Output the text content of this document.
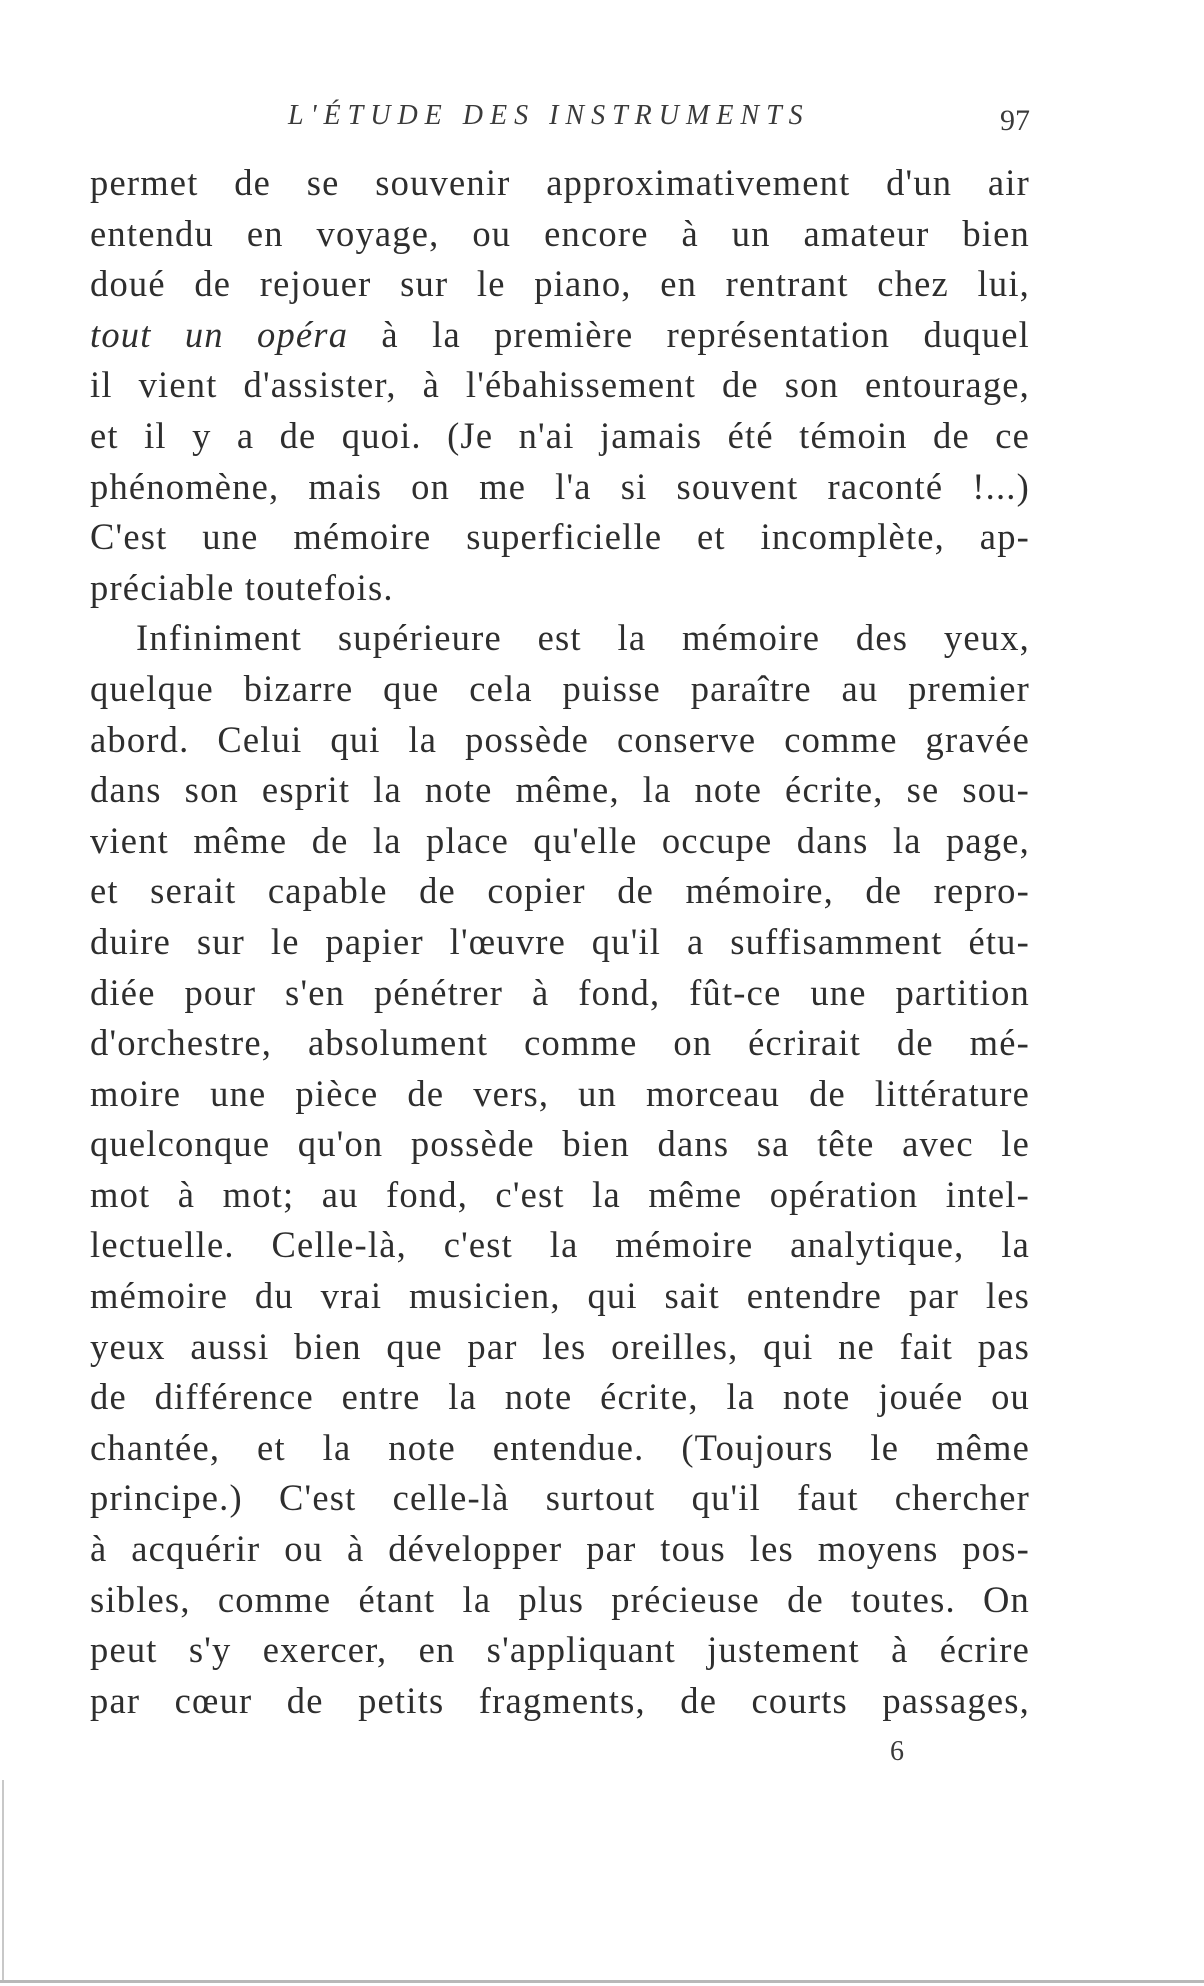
L'ÉTUDE DES INSTRUMENTS	97
permet de se souvenir approximativement d'un air
entendu en voyage, ou encore à un amateur bien
doué de rejouer sur le piano, en rentrant chez lui,
tout un opéra à la première représentation duquel
il vient d'assister, à l'ébahissement de son entourage,
et il y a de quoi. (Je n'ai jamais été témoin de ce
phénomène, mais on me l'a si souvent raconté !...)
C'est une mémoire superficielle et incomplète, ap-
préciable toutefois.
Infiniment supérieure est la mémoire des yeux,
quelque bizarre que cela puisse paraître au premier
abord. Celui qui la possède conserve comme gravée
dans son esprit la note même, la note écrite, se sou-
vient même de la place qu'elle occupe dans la page,
et serait capable de copier de mémoire, de repro-
duire sur le papier l'œuvre qu'il a suffisamment étu-
diée pour s'en pénétrer à fond, fût-ce une partition
d'orchestre, absolument comme on écrirait de mé-
moire une pièce de vers, un morceau de littérature
quelconque qu'on possède bien dans sa tête avec le
mot à mot; au fond, c'est la même opération intel-
lectuelle. Celle-là, c'est la mémoire analytique, la
mémoire du vrai musicien, qui sait entendre par les
yeux aussi bien que par les oreilles, qui ne fait pas
de différence entre la note écrite, la note jouée ou
chantée, et la note entendue. (Toujours le même
principe.) C'est celle-là surtout qu'il faut chercher
à acquérir ou à développer par tous les moyens pos-
sibles, comme étant la plus précieuse de toutes. On
peut s'y exercer, en s'appliquant justement à écrire
par cœur de petits fragments, de courts passages,
6
